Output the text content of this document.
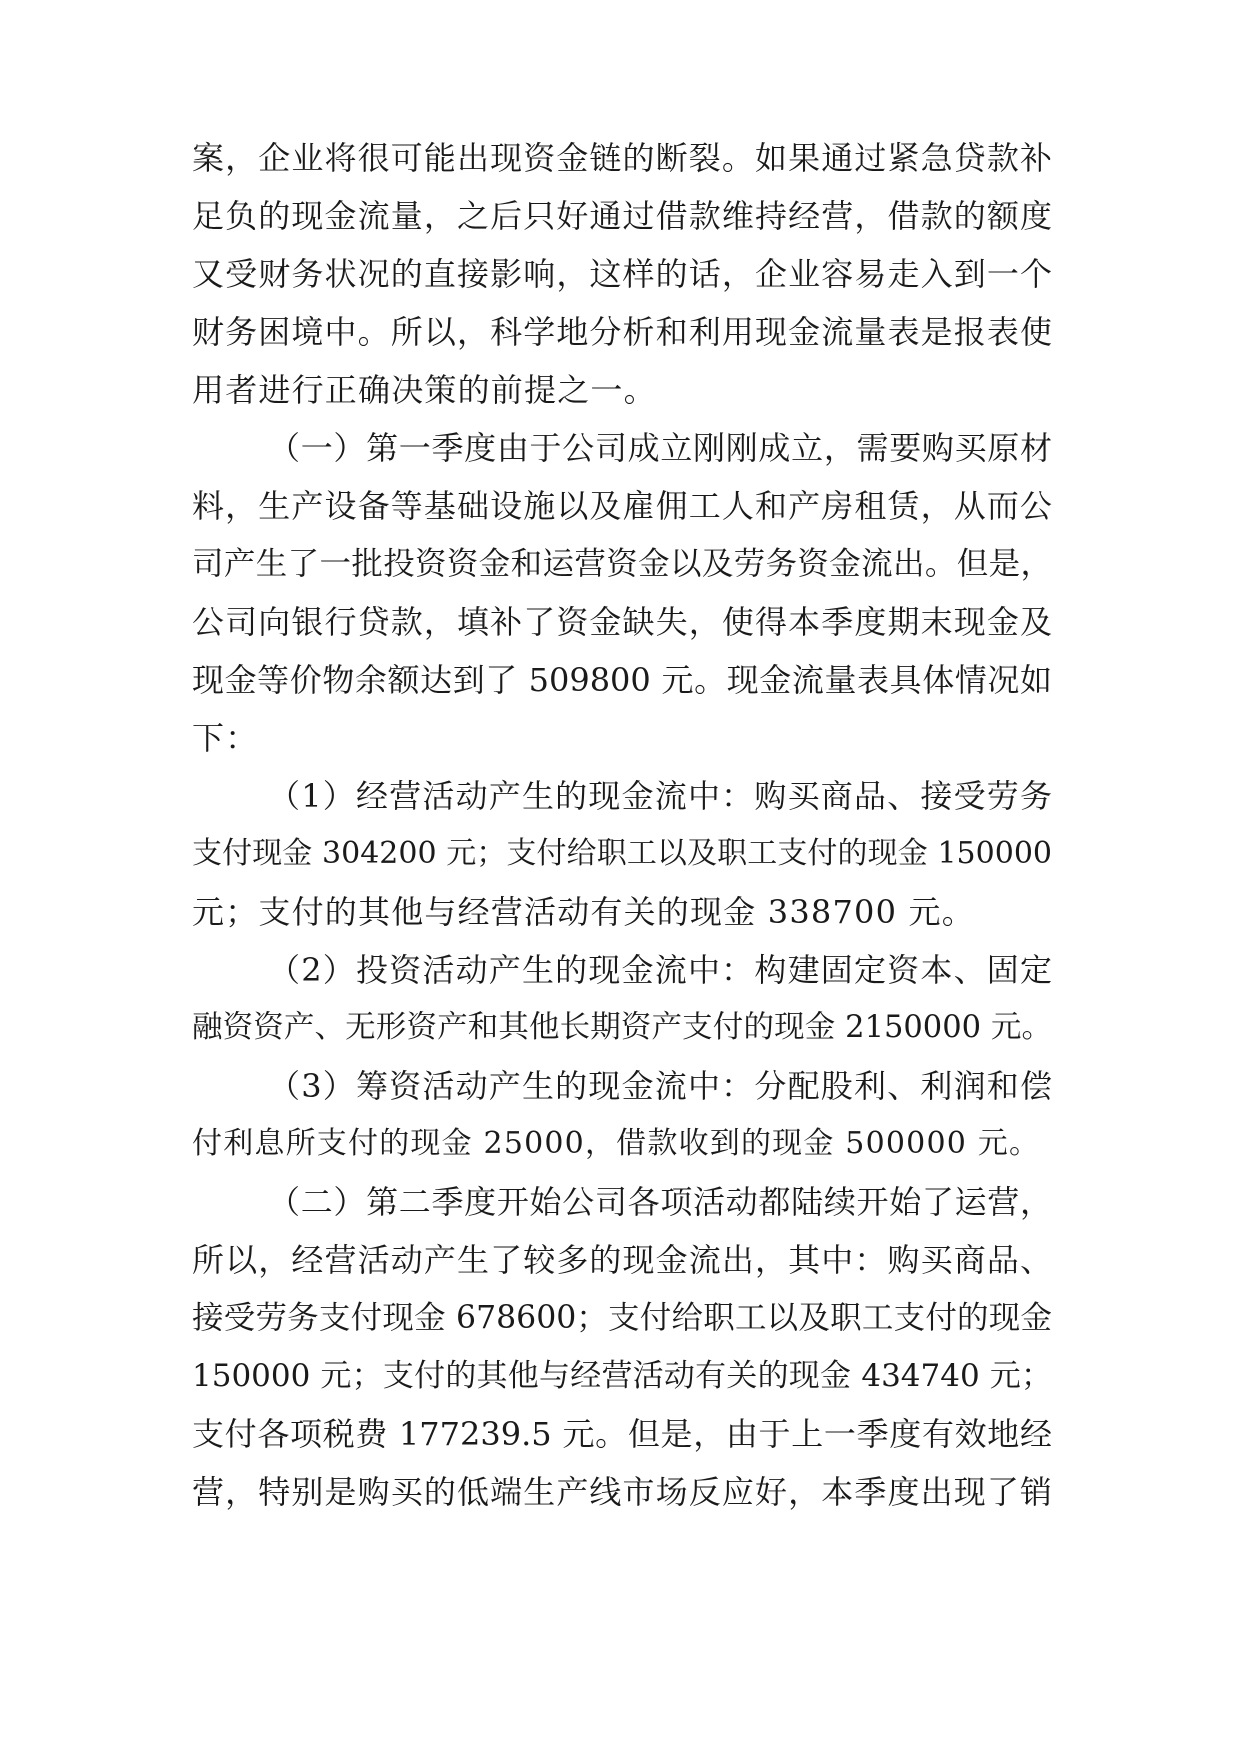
案，企业将很可能出现资金链的断裂。如果通过紧急贷款补
足负的现金流量，之后只好通过借款维持经营，借款的额度
又受财务状况的直接影响，这样的话，企业容易走入到一个
财务困境中。所以，科学地分析和利用现金流量表是报表使
用者进行正确决策的前提之一。
（一）第一季度由于公司成立刚刚成立，需要购买原材
料，生产设备等基础设施以及雇佣工人和产房租赁，从而公
司产生了一批投资资金和运营资金以及劳务资金流出。但是，
公司向银行贷款，填补了资金缺失，使得本季度期末现金及
现金等价物余额达到了 509800 元。现金流量表具体情况如
下：
（1）经营活动产生的现金流中：购买商品、接受劳务
支付现金 304200 元；支付给职工以及职工支付的现金 150000
元；支付的其他与经营活动有关的现金 338700 元。
（2）投资活动产生的现金流中：构建固定资本、固定
融资资产、无形资产和其他长期资产支付的现金 2150000 元。
（3）筹资活动产生的现金流中：分配股利、利润和偿
付利息所支付的现金 25000，借款收到的现金 500000 元。
（二）第二季度开始公司各项活动都陆续开始了运营，
所以，经营活动产生了较多的现金流出，其中：购买商品、
接受劳务支付现金 678600；支付给职工以及职工支付的现金
150000 元；支付的其他与经营活动有关的现金 434740 元；
支付各项税费 177239.5 元。但是，由于上一季度有效地经
营，特别是购买的低端生产线市场反应好，本季度出现了销
